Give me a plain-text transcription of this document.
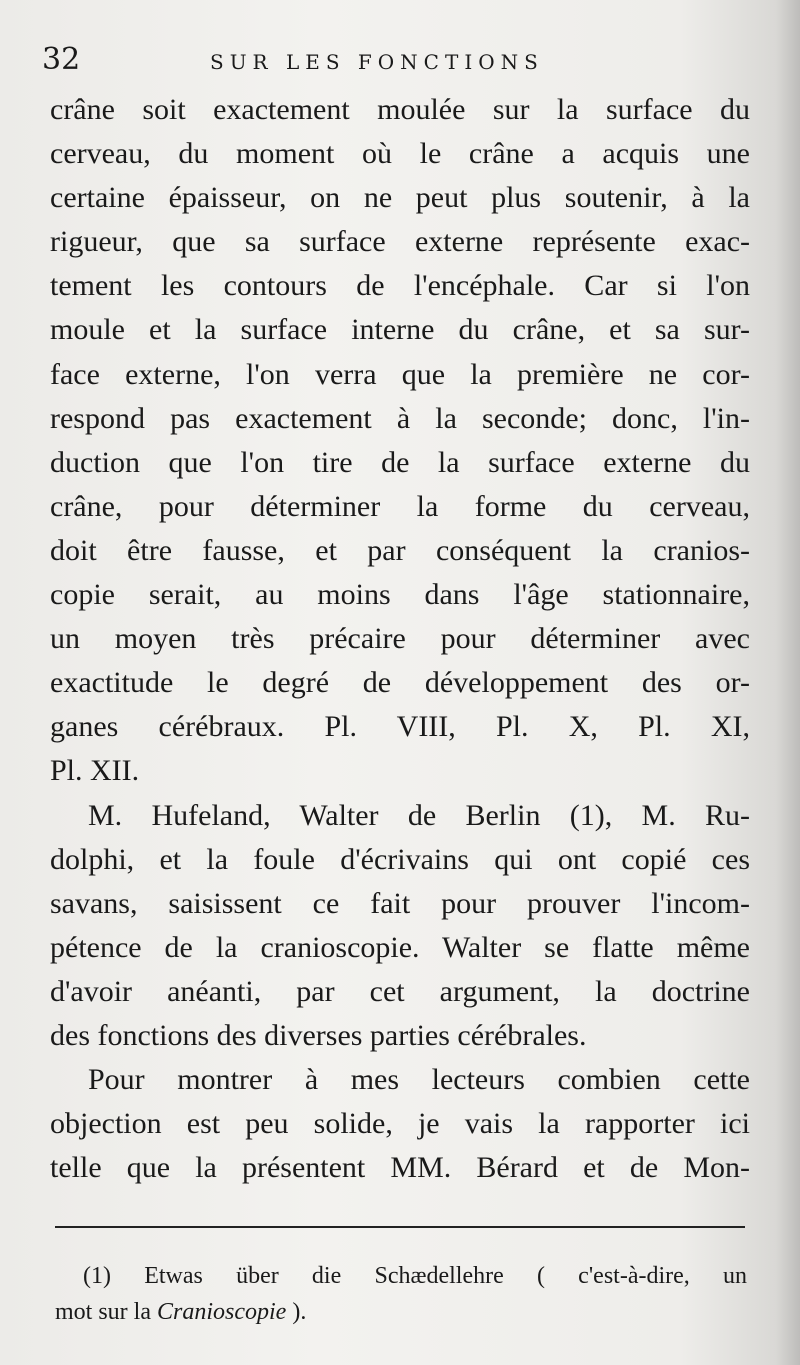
32	SUR LES FONCTIONS
crâne soit exactement moulée sur la surface du
cerveau, du moment où le crâne a acquis une
certaine épaisseur, on ne peut plus soutenir, à la
rigueur, que sa surface externe représente exac-
tement les contours de l'encéphale. Car si l'on
moule et la surface interne du crâne, et sa sur-
face externe, l'on verra que la première ne cor-
respond pas exactement à la seconde; donc, l'in-
duction que l'on tire de la surface externe du
crâne, pour déterminer la forme du cerveau,
doit être fausse, et par conséquent la cranios-
copie serait, au moins dans l'âge stationnaire,
un moyen très précaire pour déterminer avec
exactitude le degré de développement des or-
ganes cérébraux. Pl. VIII, Pl. X, Pl. XI,
Pl. XII.
M. Hufeland, Walter de Berlin (1), M. Ru-
dolphi, et la foule d'écrivains qui ont copié ces
savans, saisissent ce fait pour prouver l'incom-
pétence de la cranioscopie. Walter se flatte même
d'avoir anéanti, par cet argument, la doctrine
des fonctions des diverses parties cérébrales.
Pour montrer à mes lecteurs combien cette
objection est peu solide, je vais la rapporter ici
telle que la présentent MM. Bérard et de Mon-
(1) Etwas über die Schædellehre ( c'est-à-dire, un
mot sur la Cranioscopie ).
